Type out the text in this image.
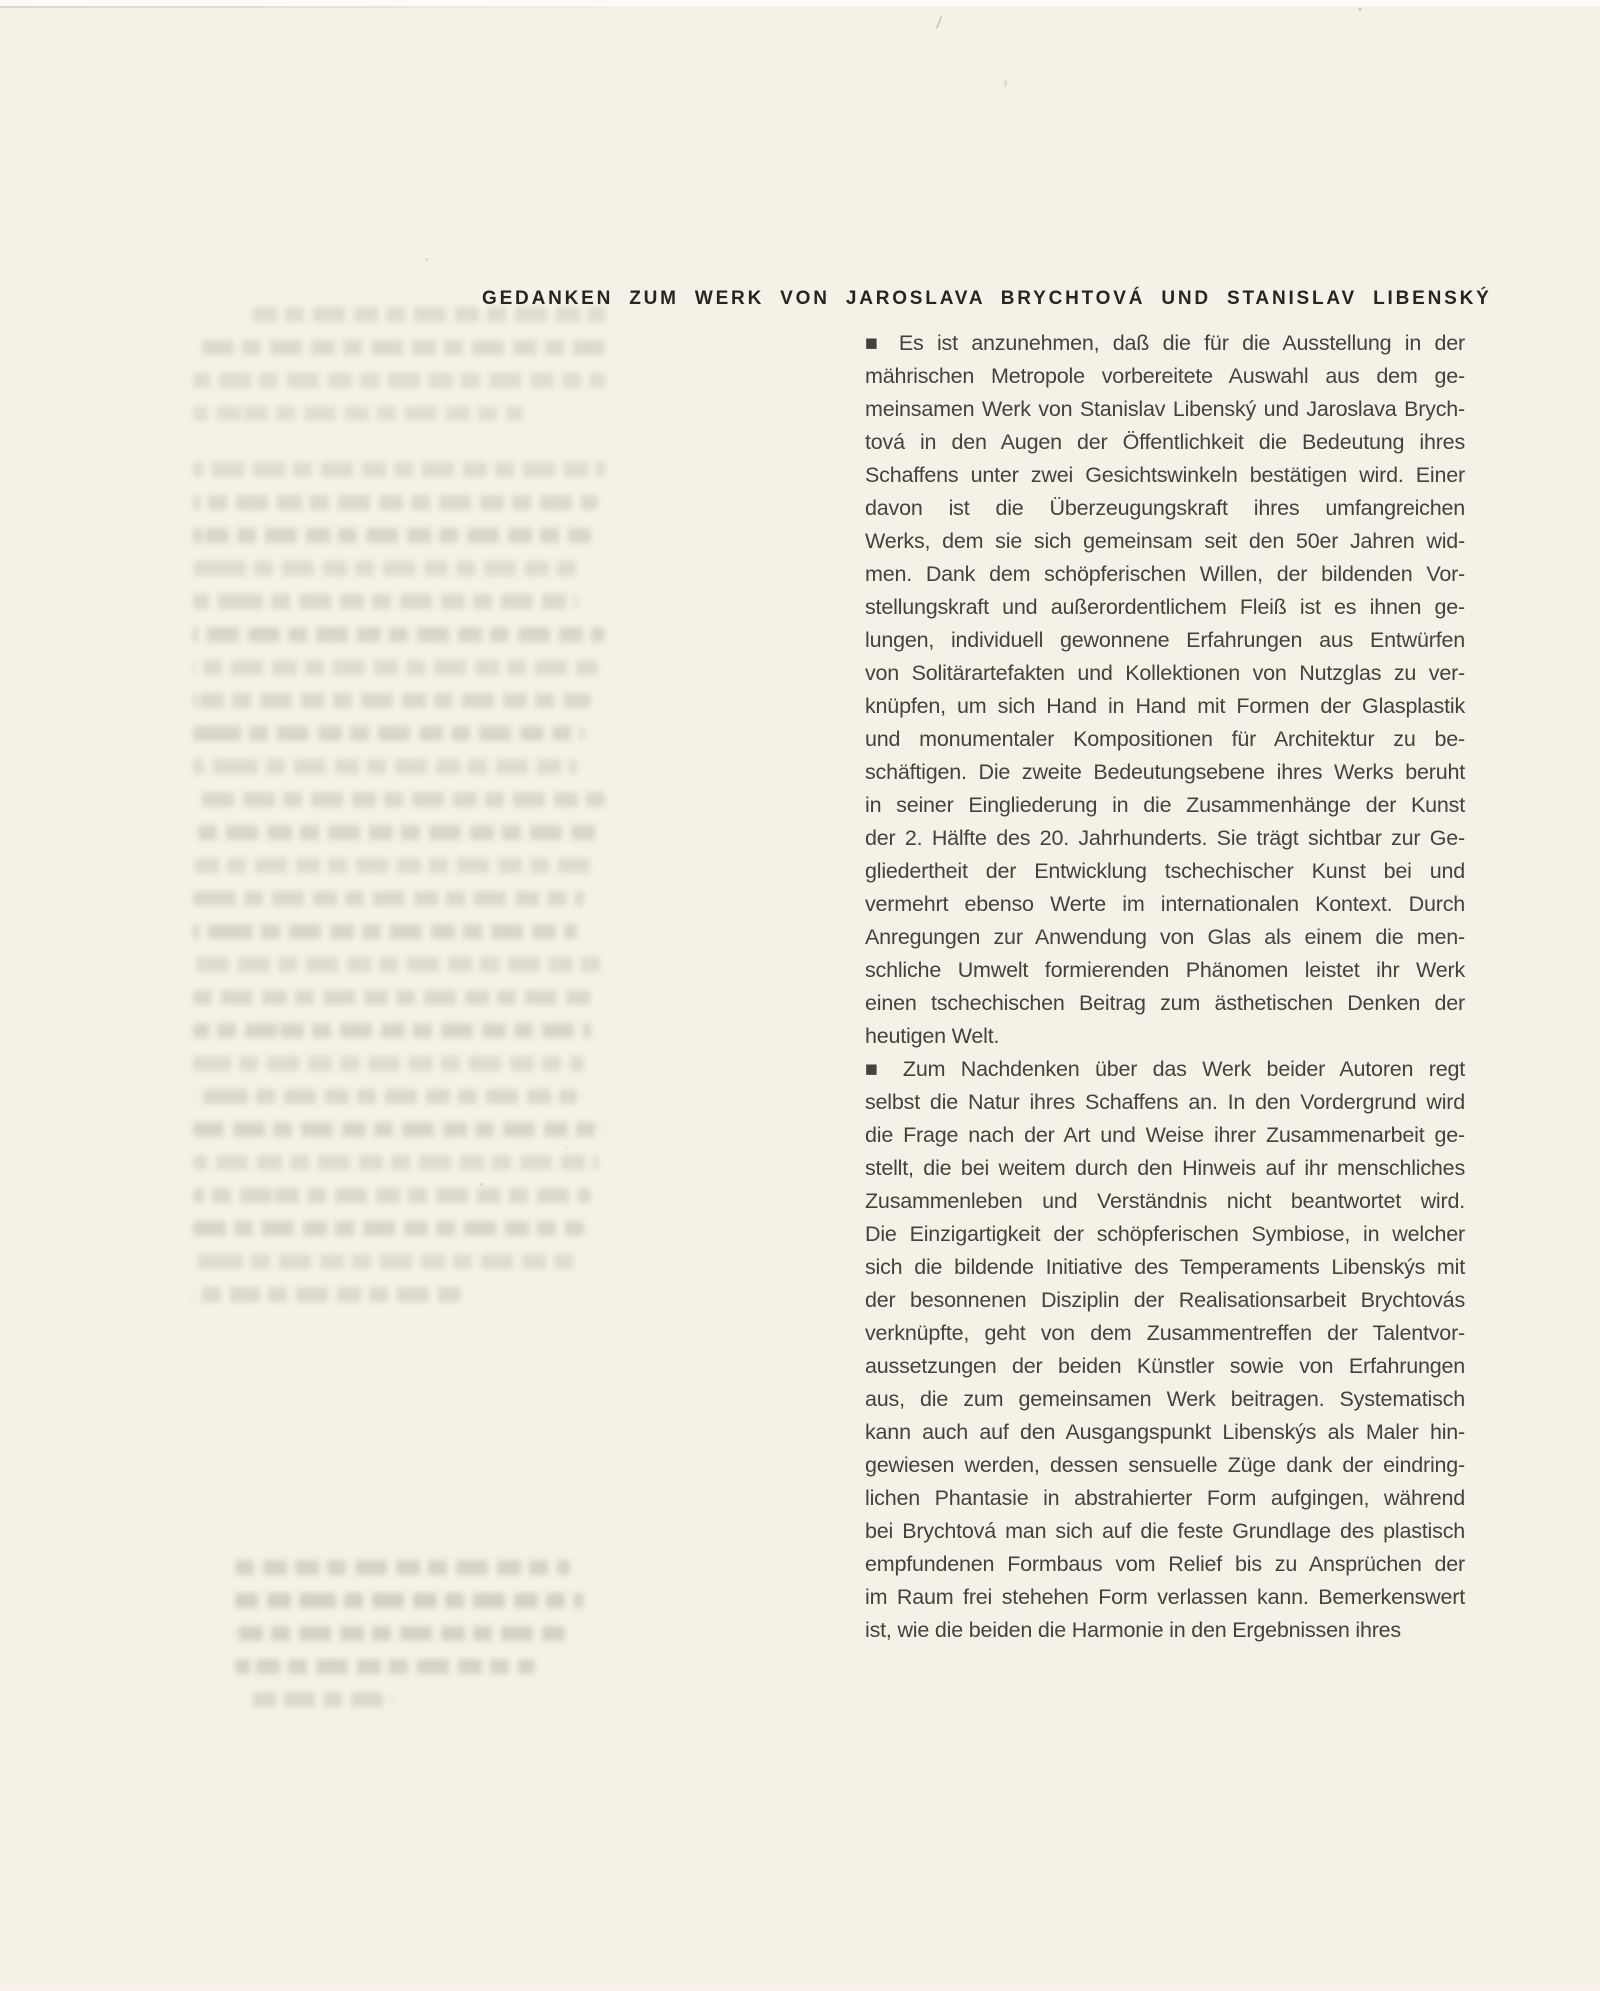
GEDANKEN ZUM WERK VON JAROSLAVA BRYCHTOVÁ UND STANISLAV LIBENSKÝ
■ Es ist anzunehmen, daß die für die Ausstellung in der
mährischen Metropole vorbereitete Auswahl aus dem ge-
meinsamen Werk von Stanislav Libenský und Jaroslava Brych-
tová in den Augen der Öffentlichkeit die Bedeutung ihres
Schaffens unter zwei Gesichtswinkeln bestätigen wird. Einer
davon ist die Überzeugungskraft ihres umfangreichen
Werks, dem sie sich gemeinsam seit den 50er Jahren wid-
men. Dank dem schöpferischen Willen, der bildenden Vor-
stellungskraft und außerordentlichem Fleiß ist es ihnen ge-
lungen, individuell gewonnene Erfahrungen aus Entwürfen
von Solitärartefakten und Kollektionen von Nutzglas zu ver-
knüpfen, um sich Hand in Hand mit Formen der Glasplastik
und monumentaler Kompositionen für Architektur zu be-
schäftigen. Die zweite Bedeutungsebene ihres Werks beruht
in seiner Eingliederung in die Zusammenhänge der Kunst
der 2. Hälfte des 20. Jahrhunderts. Sie trägt sichtbar zur Ge-
gliedertheit der Entwicklung tschechischer Kunst bei und
vermehrt ebenso Werte im internationalen Kontext. Durch
Anregungen zur Anwendung von Glas als einem die men-
schliche Umwelt formierenden Phänomen leistet ihr Werk
einen tschechischen Beitrag zum ästhetischen Denken der
heutigen Welt.
■ Zum Nachdenken über das Werk beider Autoren regt
selbst die Natur ihres Schaffens an. In den Vordergrund wird
die Frage nach der Art und Weise ihrer Zusammenarbeit ge-
stellt, die bei weitem durch den Hinweis auf ihr menschliches
Zusammenleben und Verständnis nicht beantwortet wird.
Die Einzigartigkeit der schöpferischen Symbiose, in welcher
sich die bildende Initiative des Temperaments Libenskýs mit
der besonnenen Disziplin der Realisationsarbeit Brychtovás
verknüpfte, geht von dem Zusammentreffen der Talentvor-
aussetzungen der beiden Künstler sowie von Erfahrungen
aus, die zum gemeinsamen Werk beitragen. Systematisch
kann auch auf den Ausgangspunkt Libenskýs als Maler hin-
gewiesen werden, dessen sensuelle Züge dank der eindring-
lichen Phantasie in abstrahierter Form aufgingen, während
bei Brychtová man sich auf die feste Grundlage des plastisch
empfundenen Formbaus vom Relief bis zu Ansprüchen der
im Raum frei stehehen Form verlassen kann. Bemerkenswert
ist, wie die beiden die Harmonie in den Ergebnissen ihres
